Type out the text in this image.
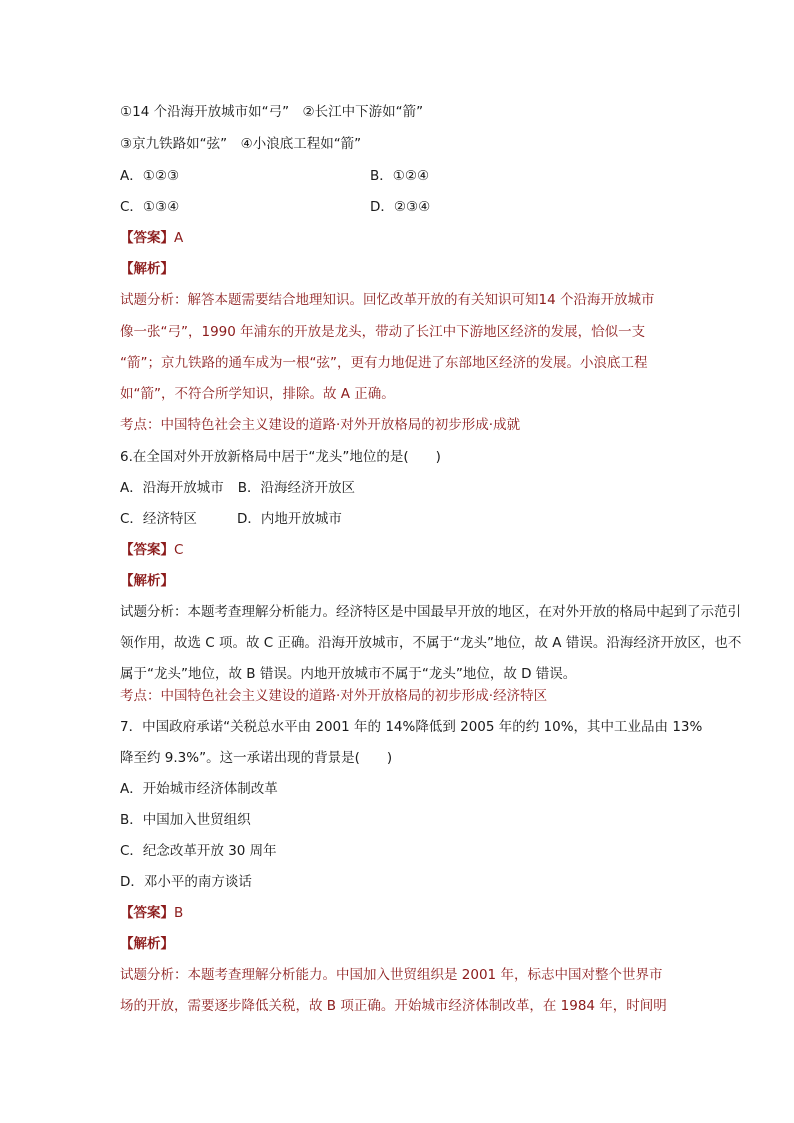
①14 个沿海开放城市如“弓”　②长江中下游如“箭”
③京九铁路如“弦”　④小浪底工程如“箭”
A．①②③	B．①②④
C．①③④	D．②③④
【答案】A
【解析】
试题分析：解答本题需要结合地理知识。回忆改革开放的有关知识可知14 个沿海开放城市
像一张“弓”，1990 年浦东的开放是龙头，带动了长江中下游地区经济的发展，恰似一支
“箭”；京九铁路的通车成为一根“弦”，更有力地促进了东部地区经济的发展。小浪底工程
如“箭”，不符合所学知识，排除。故 A 正确。
考点：中国特色社会主义建设的道路·对外开放格局的初步形成·成就
6.在全国对外开放新格局中居于“龙头”地位的是(　　)
A．沿海开放城市 B．沿海经济开放区
C．经济特区	D．内地开放城市
【答案】C
【解析】
试题分析：本题考查理解分析能力。经济特区是中国最早开放的地区，在对外开放的格局中起到了示范引
领作用，故选 C 项。故 C 正确。沿海开放城市，不属于“龙头”地位，故 A 错误。沿海经济开放区，也不
属于“龙头”地位，故 B 错误。内地开放城市不属于“龙头”地位，故 D 错误。
考点：中国特色社会主义建设的道路·对外开放格局的初步形成·经济特区
7．中国政府承诺“关税总水平由 2001 年的 14%降低到 2005 年的约 10%，其中工业品由 13%
降至约 9.3%”。这一承诺出现的背景是(　　)
A．开始城市经济体制改革
B．中国加入世贸组织
C．纪念改革开放 30 周年
D．邓小平的南方谈话
【答案】B
【解析】
试题分析：本题考查理解分析能力。中国加入世贸组织是 2001 年，标志中国对整个世界市
场的开放，需要逐步降低关税，故 B 项正确。开始城市经济体制改革，在 1984 年，时间明
